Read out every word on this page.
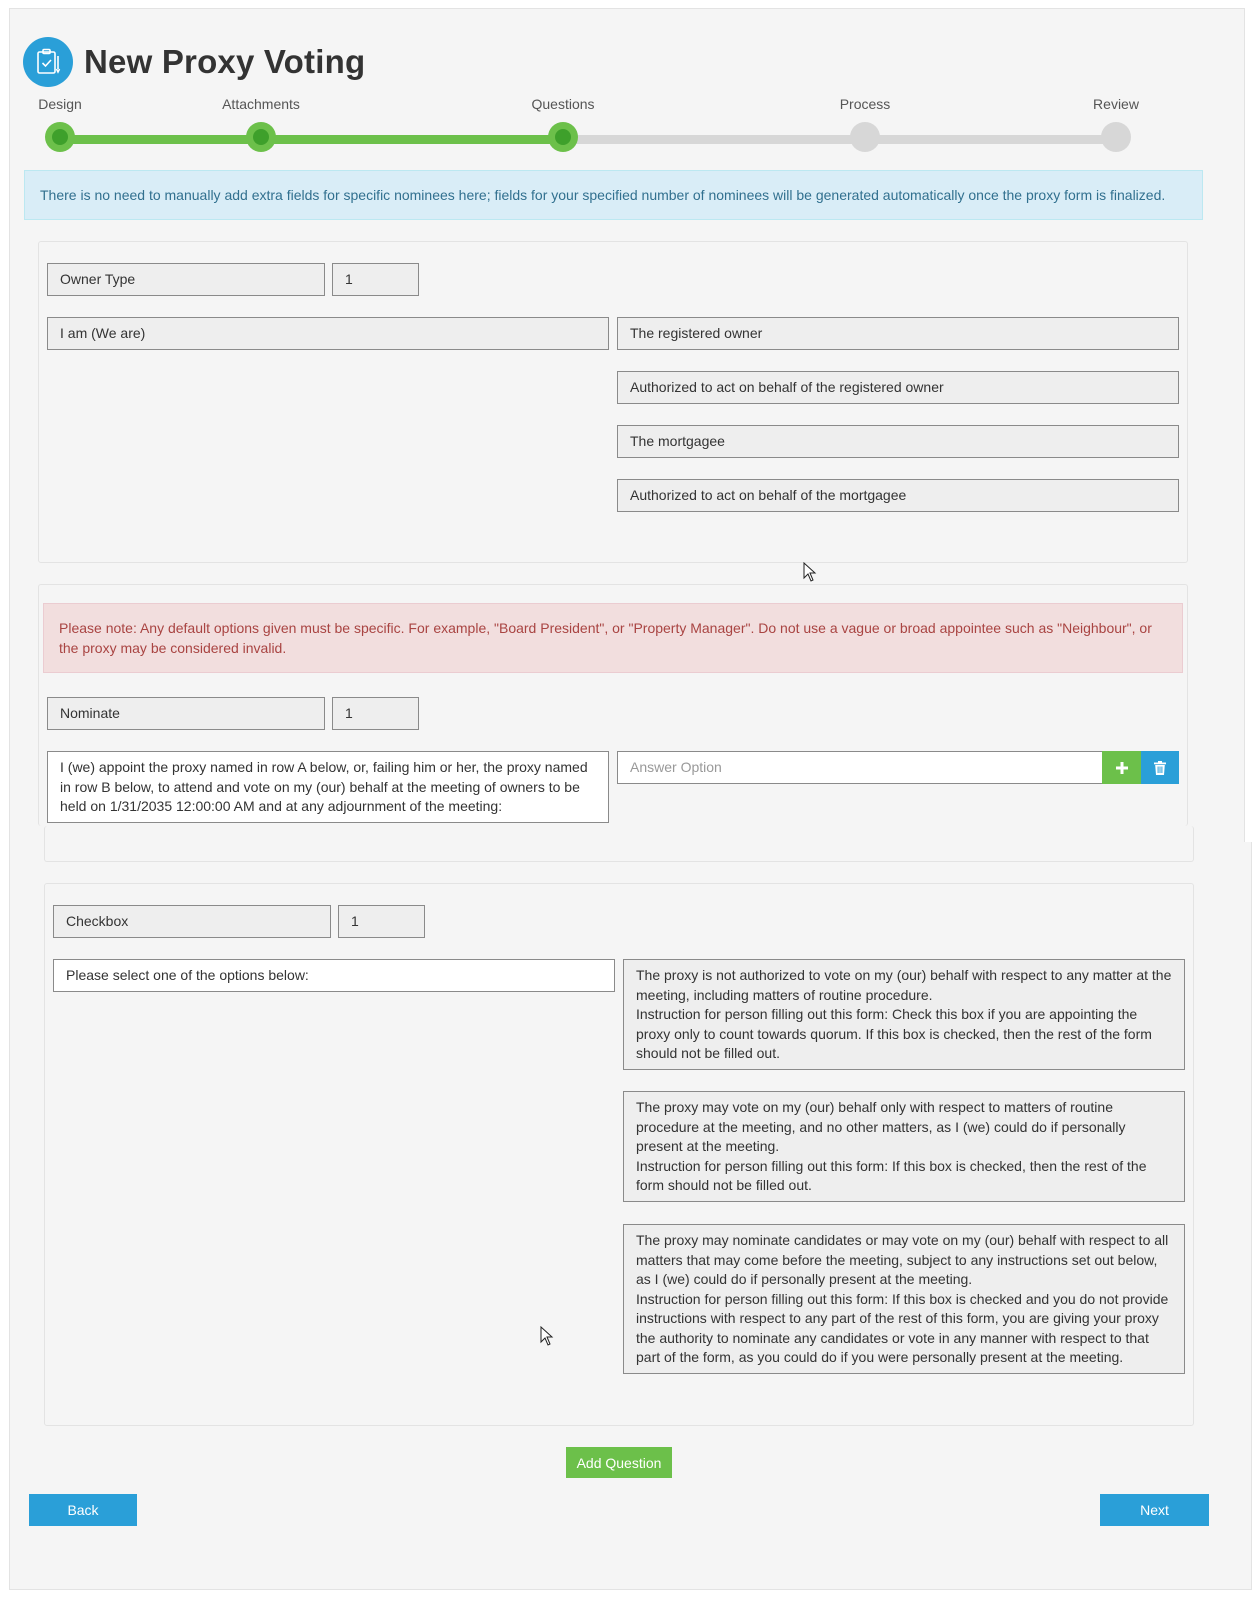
New Proxy Voting
Design	Attachments	Questions	Process	Review
There is no need to manually add extra fields for specific nominees here; fields for your specified number of nominees will be generated automatically once the proxy form is finalized.
Owner Type	1
I am (We are)	The registered owner
Authorized to act on behalf of the registered owner
The mortgagee
Authorized to act on behalf of the mortgagee
Please note: Any default options given must be specific. For example, "Board President", or "Property Manager". Do not use a vague or broad appointee such as "Neighbour", or the proxy may be considered invalid.
Nominate	1
I (we) appoint the proxy named in row A below, or, failing him or her, the proxy named in row B below, to attend and vote on my (our) behalf at the meeting of owners to be held on 1/31/2035 12:00:00 AM and at any adjournment of the meeting:
Answer Option
Checkbox	1
Please select one of the options below:	The proxy is not authorized to vote on my (our) behalf with respect to any matter at the meeting, including matters of routine procedure.
Instruction for person filling out this form: Check this box if you are appointing the proxy only to count towards quorum. If this box is checked, then the rest of the form should not be filled out.
The proxy may vote on my (our) behalf only with respect to matters of routine procedure at the meeting, and no other matters, as I (we) could do if personally present at the meeting.
Instruction for person filling out this form: If this box is checked, then the rest of the form should not be filled out.
The proxy may nominate candidates or may vote on my (our) behalf with respect to all matters that may come before the meeting, subject to any instructions set out below, as I (we) could do if personally present at the meeting.
Instruction for person filling out this form: If this box is checked and you do not provide instructions with respect to any part of the rest of this form, you are giving your proxy the authority to nominate any candidates or vote in any manner with respect to that part of the form, as you could do if you were personally present at the meeting.
Add Question
Back	Next
